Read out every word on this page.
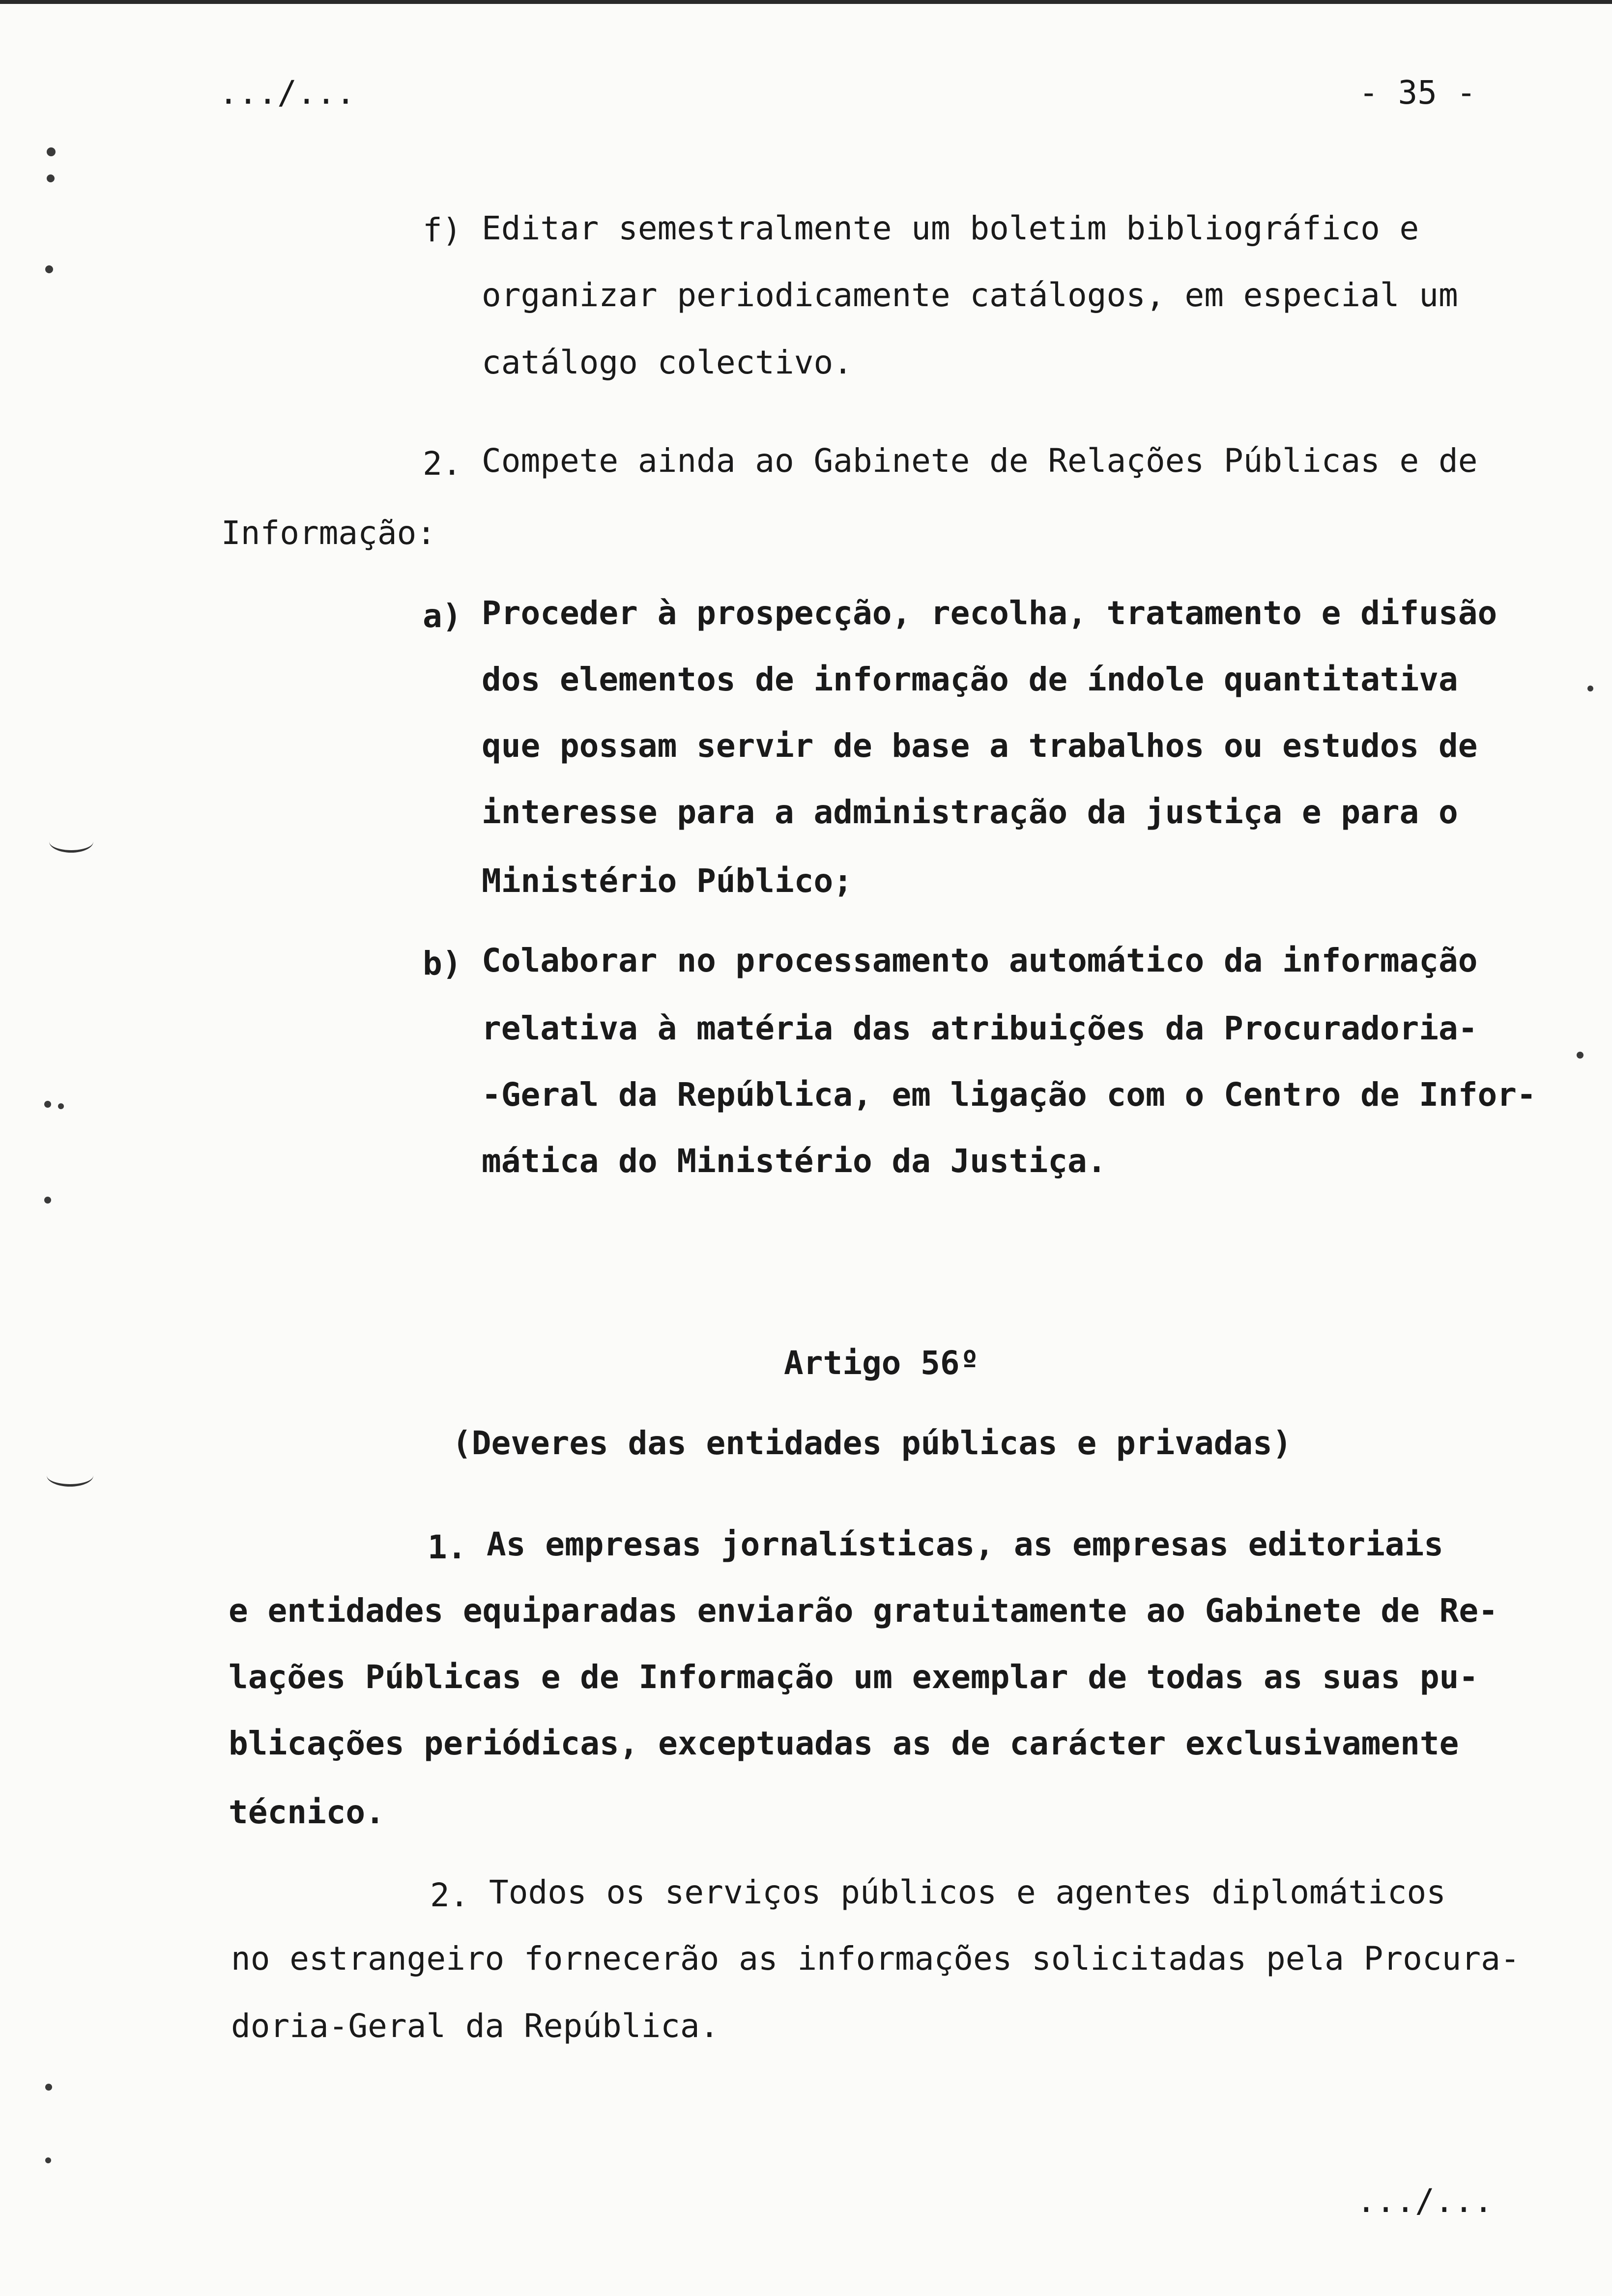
.../...	- 35 -
f) Editar semestralmente um boletim bibliográfico e
organizar periodicamente catálogos, em especial um
catálogo colectivo.
2. Compete ainda ao Gabinete de Relações Públicas e de
Informação:
a) Proceder à prospecção, recolha, tratamento e difusão
dos elementos de informação de índole quantitativa
que possam servir de base a trabalhos ou estudos de
interesse para a administração da justiça e para o
Ministério Público;
b) Colaborar no processamento automático da informação
relativa à matéria das atribuições da Procuradoria-
-Geral da República, em ligação com o Centro de Infor-
mática do Ministério da Justiça.
Artigo 56º
(Deveres das entidades públicas e privadas)
1. As empresas jornalísticas, as empresas editoriais
e entidades equiparadas enviarão gratuitamente ao Gabinete de Re-
lações Públicas e de Informação um exemplar de todas as suas pu-
blicações periódicas, exceptuadas as de carácter exclusivamente
técnico.
2. Todos os serviços públicos e agentes diplomáticos
no estrangeiro fornecerão as informações solicitadas pela Procura-
doria-Geral da República.
.../...
